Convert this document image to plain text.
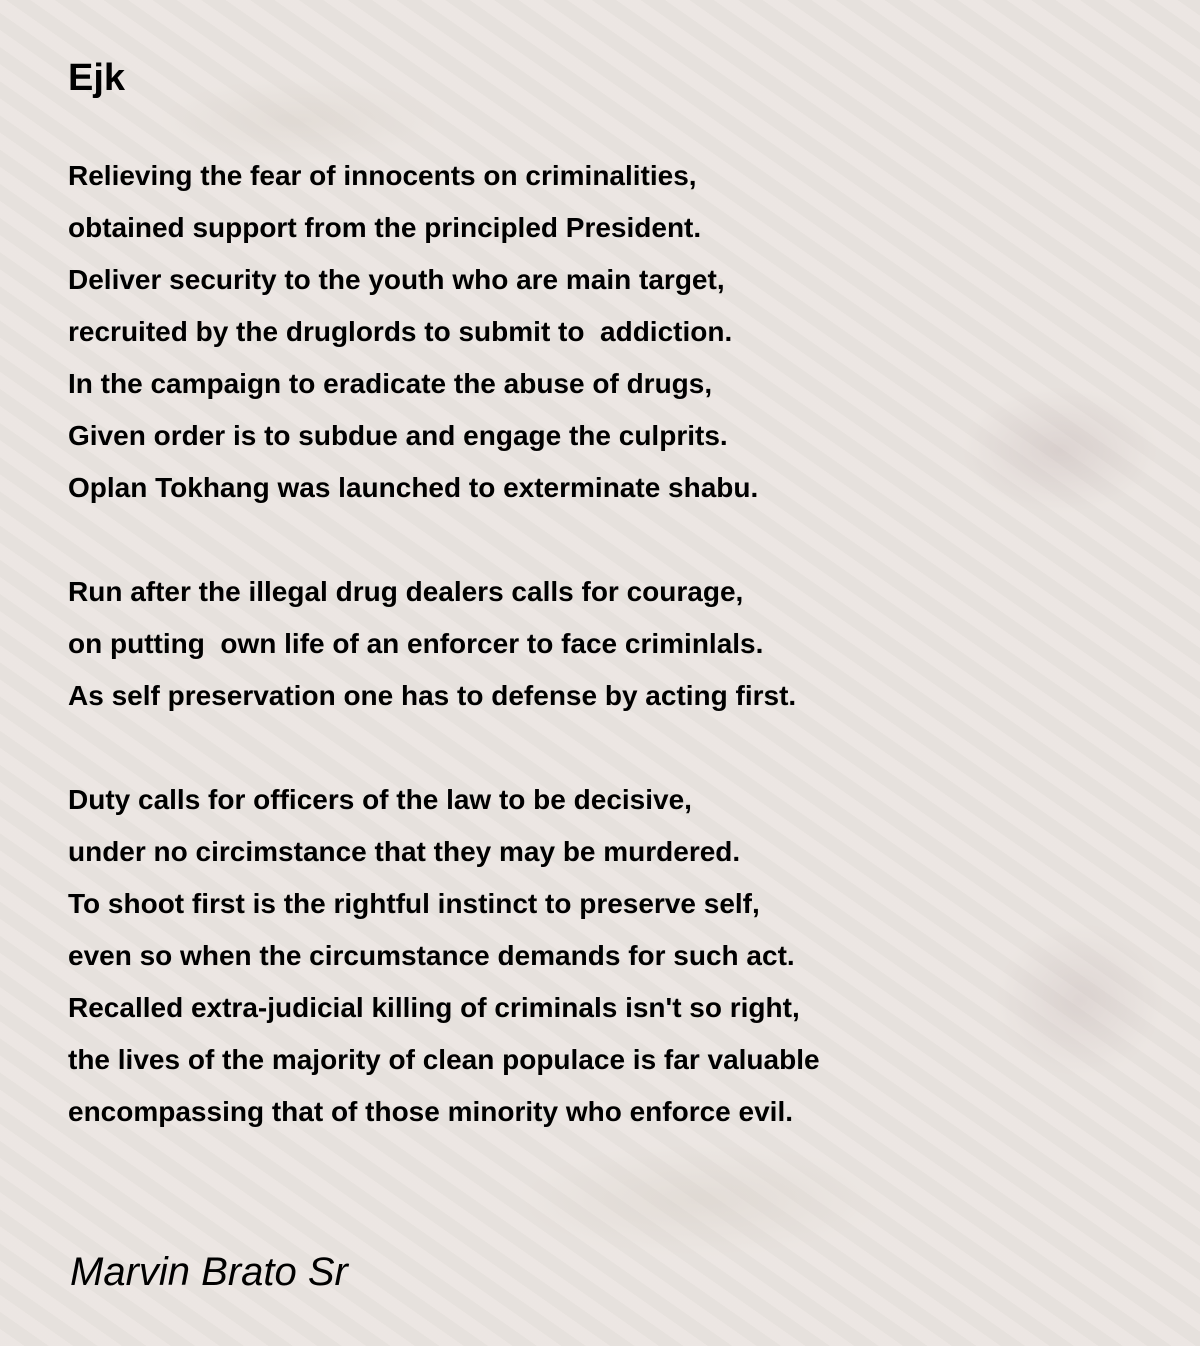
Ejk
Relieving the fear of innocents on criminalities,
obtained support from the principled President.
Deliver security to the youth who are main target,
recruited by the druglords to submit to  addiction.
In the campaign to eradicate the abuse of drugs,
Given order is to subdue and engage the culprits.
Oplan Tokhang was launched to exterminate shabu.
Run after the illegal drug dealers calls for courage,
on putting  own life of an enforcer to face criminlals.
As self preservation one has to defense by acting first.
Duty calls for officers of the law to be decisive,
under no circimstance that they may be murdered.
To shoot first is the rightful instinct to preserve self,
even so when the circumstance demands for such act.
Recalled extra-judicial killing of criminals isn't so right,
the lives of the majority of clean populace is far valuable
encompassing that of those minority who enforce evil.

Marvin Brato Sr
